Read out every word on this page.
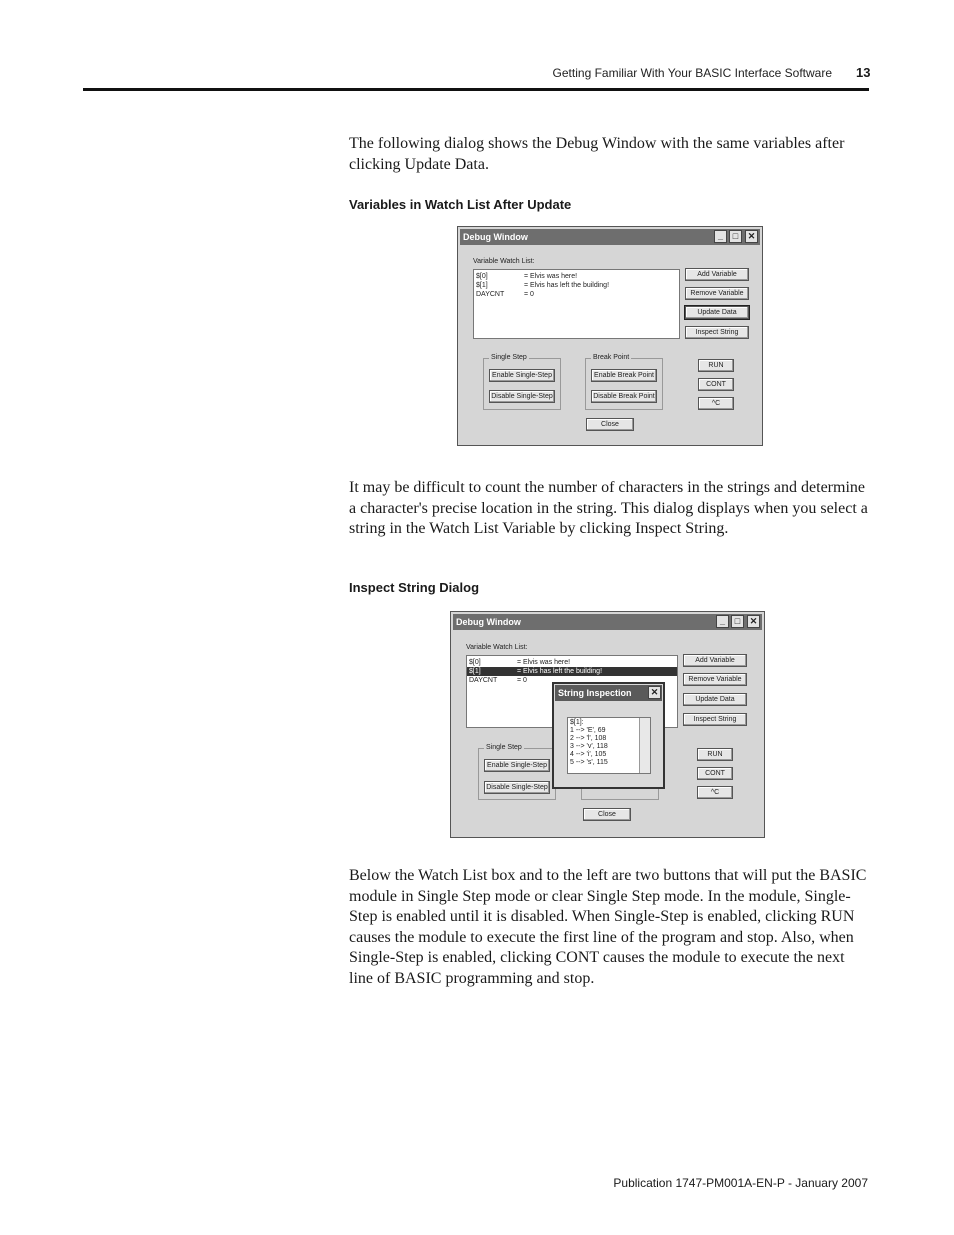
Getting Familiar With Your BASIC Interface Software 13

The following dialog shows the Debug Window with the same variables after clicking Update Data.

Variables in Watch List After Update
Debug Window	_	□	✕
Variable Watch List:
$[0]	= Elvis was here!
$[1]	= Elvis has left the building!
DAYCNT	= 0
Add Variable
Remove Variable
Update Data
Inspect String
Single Step
Enable Single-Step
Disable Single-Step
Break Point
Enable Break Point
Disable Break Point
RUN
CONT
^C
Close

It may be difficult to count the number of characters in the strings and determine a character's precise location in the string. This dialog displays when you select a string in the Watch List Variable by clicking Inspect String.

Inspect String Dialog
Debug Window	_	□	✕
Variable Watch List:
$[0]	= Elvis was here!
$[1]	= Elvis has left the building!
DAYCNT	= 0
Add Variable
Remove Variable
Update Data
Inspect String
Single Step
Enable Single-Step
Disable Single-Step
RUN
CONT
^C
Close
String Inspection	✕
$[1]:
1 --> 'E', 69
2 --> 'l', 108
3 --> 'v', 118
4 --> 'i', 105
5 --> 's', 115

Below the Watch List box and to the left are two buttons that will put the BASIC module in Single Step mode or clear Single Step mode. In the module, Single-Step is enabled until it is disabled. When Single-Step is enabled, clicking RUN causes the module to execute the first line of the program and stop. Also, when Single-Step is enabled, clicking CONT causes the module to execute the next line of BASIC programming and stop.

Publication 1747-PM001A-EN-P - January 2007
